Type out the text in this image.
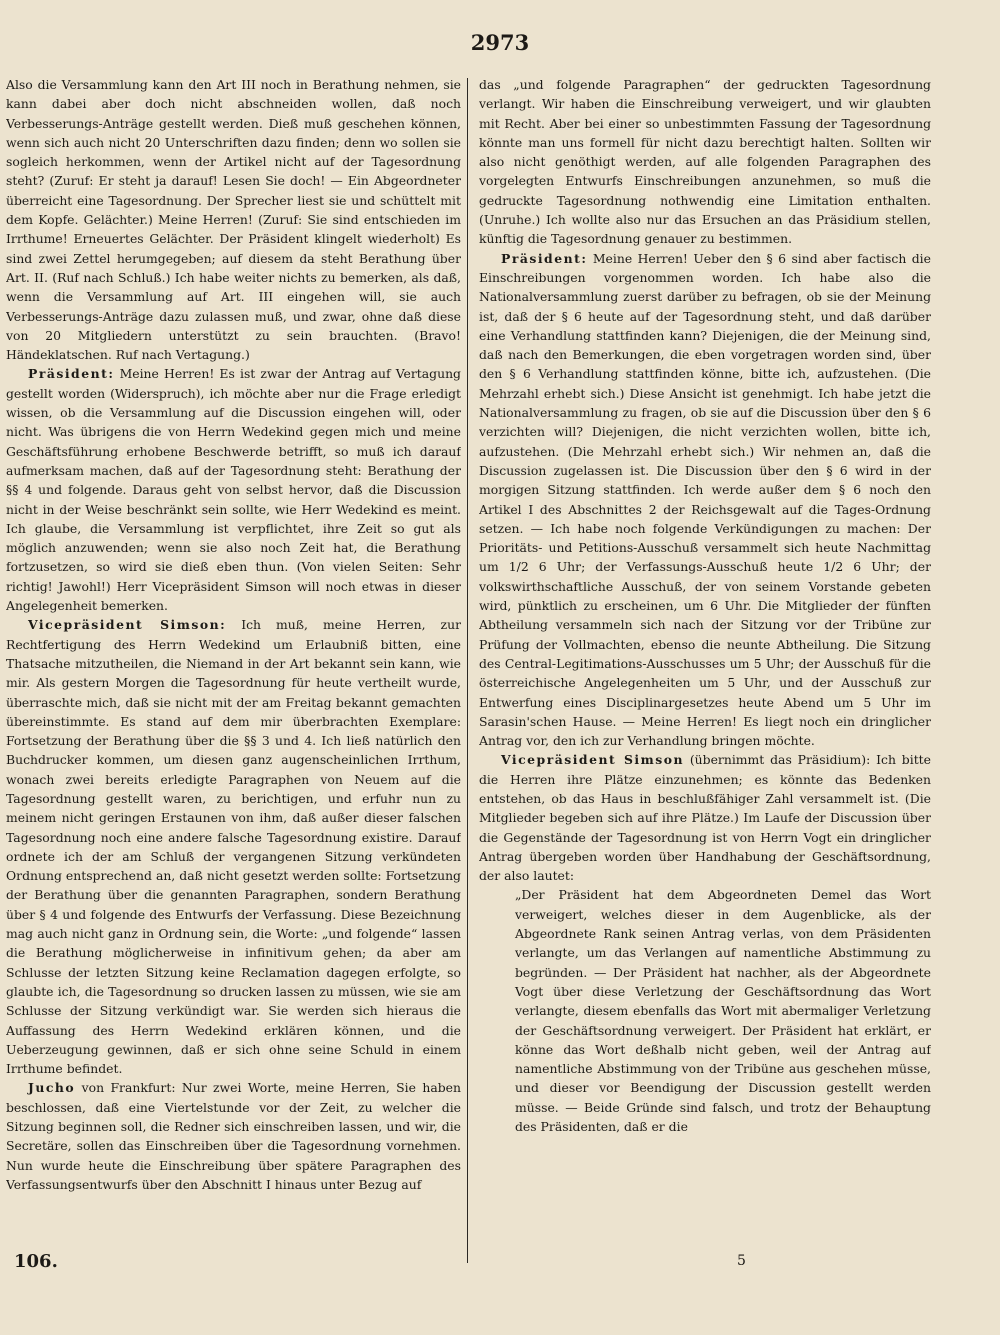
2973

Also die Versammlung kann den Art III noch in Berathung nehmen, sie kann dabei aber doch nicht abschneiden wollen, daß noch Verbesserungs-Anträge gestellt werden. Dieß muß geschehen können, wenn sich auch nicht 20 Unterschriften dazu finden; denn wo sollen sie sogleich herkommen, wenn der Artikel nicht auf der Tagesordnung steht? (Zuruf: Er steht ja darauf! Lesen Sie doch! — Ein Abgeordneter überreicht eine Tagesordnung. Der Sprecher liest sie und schüttelt mit dem Kopfe. Gelächter.) Meine Herren! (Zuruf: Sie sind entschieden im Irrthume! Erneuertes Gelächter. Der Präsident klingelt wiederholt) Es sind zwei Zettel herumgegeben; auf diesem da steht Berathung über Art. II. (Ruf nach Schluß.) Ich habe weiter nichts zu bemerken, als daß, wenn die Versammlung auf Art. III eingehen will, sie auch Verbesserungs-Anträge dazu zulassen muß, und zwar, ohne daß diese von 20 Mitgliedern unterstützt zu sein brauchten. (Bravo! Händeklatschen. Ruf nach Vertagung.)

Präsident: Meine Herren! Es ist zwar der Antrag auf Vertagung gestellt worden (Widerspruch), ich möchte aber nur die Frage erledigt wissen, ob die Versammlung auf die Discussion eingehen will, oder nicht. Was übrigens die von Herrn Wedekind gegen mich und meine Geschäftsführung erhobene Beschwerde betrifft, so muß ich darauf aufmerksam machen, daß auf der Tagesordnung steht: Berathung der §§ 4 und folgende. Daraus geht von selbst hervor, daß die Discussion nicht in der Weise beschränkt sein sollte, wie Herr Wedekind es meint. Ich glaube, die Versammlung ist verpflichtet, ihre Zeit so gut als möglich anzuwenden; wenn sie also noch Zeit hat, die Berathung fortzusetzen, so wird sie dieß eben thun. (Von vielen Seiten: Sehr richtig! Jawohl!) Herr Vicepräsident Simson will noch etwas in dieser Angelegenheit bemerken.

Vicepräsident Simson: Ich muß, meine Herren, zur Rechtfertigung des Herrn Wedekind um Erlaubniß bitten, eine Thatsache mitzutheilen, die Niemand in der Art bekannt sein kann, wie mir. Als gestern Morgen die Tagesordnung für heute vertheilt wurde, überraschte mich, daß sie nicht mit der am Freitag bekannt gemachten übereinstimmte. Es stand auf dem mir überbrachten Exemplare: Fortsetzung der Berathung über die §§ 3 und 4. Ich ließ natürlich den Buchdrucker kommen, um diesen ganz augenscheinlichen Irrthum, wonach zwei bereits erledigte Paragraphen von Neuem auf die Tagesordnung gestellt waren, zu berichtigen, und erfuhr nun zu meinem nicht geringen Erstaunen von ihm, daß außer dieser falschen Tagesordnung noch eine andere falsche Tagesordnung existire. Darauf ordnete ich der am Schluß der vergangenen Sitzung verkündeten Ordnung entsprechend an, daß nicht gesetzt werden sollte: Fortsetzung der Berathung über die genannten Paragraphen, sondern Berathung über § 4 und folgende des Entwurfs der Verfassung. Diese Bezeichnung mag auch nicht ganz in Ordnung sein, die Worte: „und folgende“ lassen die Berathung möglicherweise in infinitivum gehen; da aber am Schlusse der letzten Sitzung keine Reclamation dagegen erfolgte, so glaubte ich, die Tagesordnung so drucken lassen zu müssen, wie sie am Schlusse der Sitzung verkündigt war. Sie werden sich hieraus die Auffassung des Herrn Wedekind erklären können, und die Ueberzeugung gewinnen, daß er sich ohne seine Schuld in einem Irrthume befindet.

Jucho von Frankfurt: Nur zwei Worte, meine Herren, Sie haben beschlossen, daß eine Viertelstunde vor der Zeit, zu welcher die Sitzung beginnen soll, die Redner sich einschreiben lassen, und wir, die Secretäre, sollen das Einschreiben über die Tagesordnung vornehmen. Nun wurde heute die Einschreibung über spätere Paragraphen des Verfassungsentwurfs über den Abschnitt I hinaus unter Bezug auf

das „und folgende Paragraphen“ der gedruckten Tagesordnung verlangt. Wir haben die Einschreibung verweigert, und wir glaubten mit Recht. Aber bei einer so unbestimmten Fassung der Tagesordnung könnte man uns formell für nicht dazu berechtigt halten. Sollten wir also nicht genöthigt werden, auf alle folgenden Paragraphen des vorgelegten Entwurfs Einschreibungen anzunehmen, so muß die gedruckte Tagesordnung nothwendig eine Limitation enthalten. (Unruhe.) Ich wollte also nur das Ersuchen an das Präsidium stellen, künftig die Tagesordnung genauer zu bestimmen.

Präsident: Meine Herren! Ueber den § 6 sind aber factisch die Einschreibungen vorgenommen worden. Ich habe also die Nationalversammlung zuerst darüber zu befragen, ob sie der Meinung ist, daß der § 6 heute auf der Tagesordnung steht, und daß darüber eine Verhandlung stattfinden kann? Diejenigen, die der Meinung sind, daß nach den Bemerkungen, die eben vorgetragen worden sind, über den § 6 Verhandlung stattfinden könne, bitte ich, aufzustehen. (Die Mehrzahl erhebt sich.) Diese Ansicht ist genehmigt. Ich habe jetzt die Nationalversammlung zu fragen, ob sie auf die Discussion über den § 6 verzichten will? Diejenigen, die nicht verzichten wollen, bitte ich, aufzustehen. (Die Mehrzahl erhebt sich.) Wir nehmen an, daß die Discussion zugelassen ist. Die Discussion über den § 6 wird in der morgigen Sitzung stattfinden. Ich werde außer dem § 6 noch den Artikel I des Abschnittes 2 der Reichsgewalt auf die Tages-Ordnung setzen. — Ich habe noch folgende Verkündigungen zu machen: Der Prioritäts- und Petitions-Ausschuß versammelt sich heute Nachmittag um 1/2 6 Uhr; der Verfassungs-Ausschuß heute 1/2 6 Uhr; der volkswirthschaftliche Ausschuß, der von seinem Vorstande gebeten wird, pünktlich zu erscheinen, um 6 Uhr. Die Mitglieder der fünften Abtheilung versammeln sich nach der Sitzung vor der Tribüne zur Prüfung der Vollmachten, ebenso die neunte Abtheilung. Die Sitzung des Central-Legitimations-Ausschusses um 5 Uhr; der Ausschuß für die österreichische Angelegenheiten um 5 Uhr, und der Ausschuß zur Entwerfung eines Disciplinargesetzes heute Abend um 5 Uhr im Sarasin'schen Hause. — Meine Herren! Es liegt noch ein dringlicher Antrag vor, den ich zur Verhandlung bringen möchte.

Vicepräsident Simson (übernimmt das Präsidium): Ich bitte die Herren ihre Plätze einzunehmen; es könnte das Bedenken entstehen, ob das Haus in beschlußfähiger Zahl versammelt ist. (Die Mitglieder begeben sich auf ihre Plätze.) Im Laufe der Discussion über die Gegenstände der Tagesordnung ist von Herrn Vogt ein dringlicher Antrag übergeben worden über Handhabung der Geschäftsordnung, der also lautet:

„Der Präsident hat dem Abgeordneten Demel das Wort verweigert, welches dieser in dem Augenblicke, als der Abgeordnete Rank seinen Antrag verlas, von dem Präsidenten verlangte, um das Verlangen auf namentliche Abstimmung zu begründen. — Der Präsident hat nachher, als der Abgeordnete Vogt über diese Verletzung der Geschäftsordnung das Wort verlangte, diesem ebenfalls das Wort mit abermaliger Verletzung der Geschäftsordnung verweigert. Der Präsident hat erklärt, er könne das Wort deßhalb nicht geben, weil der Antrag auf namentliche Abstimmung von der Tribüne aus geschehen müsse, und dieser vor Beendigung der Discussion gestellt werden müsse. — Beide Gründe sind falsch, und trotz der Behauptung des Präsidenten, daß er die

106.	5
